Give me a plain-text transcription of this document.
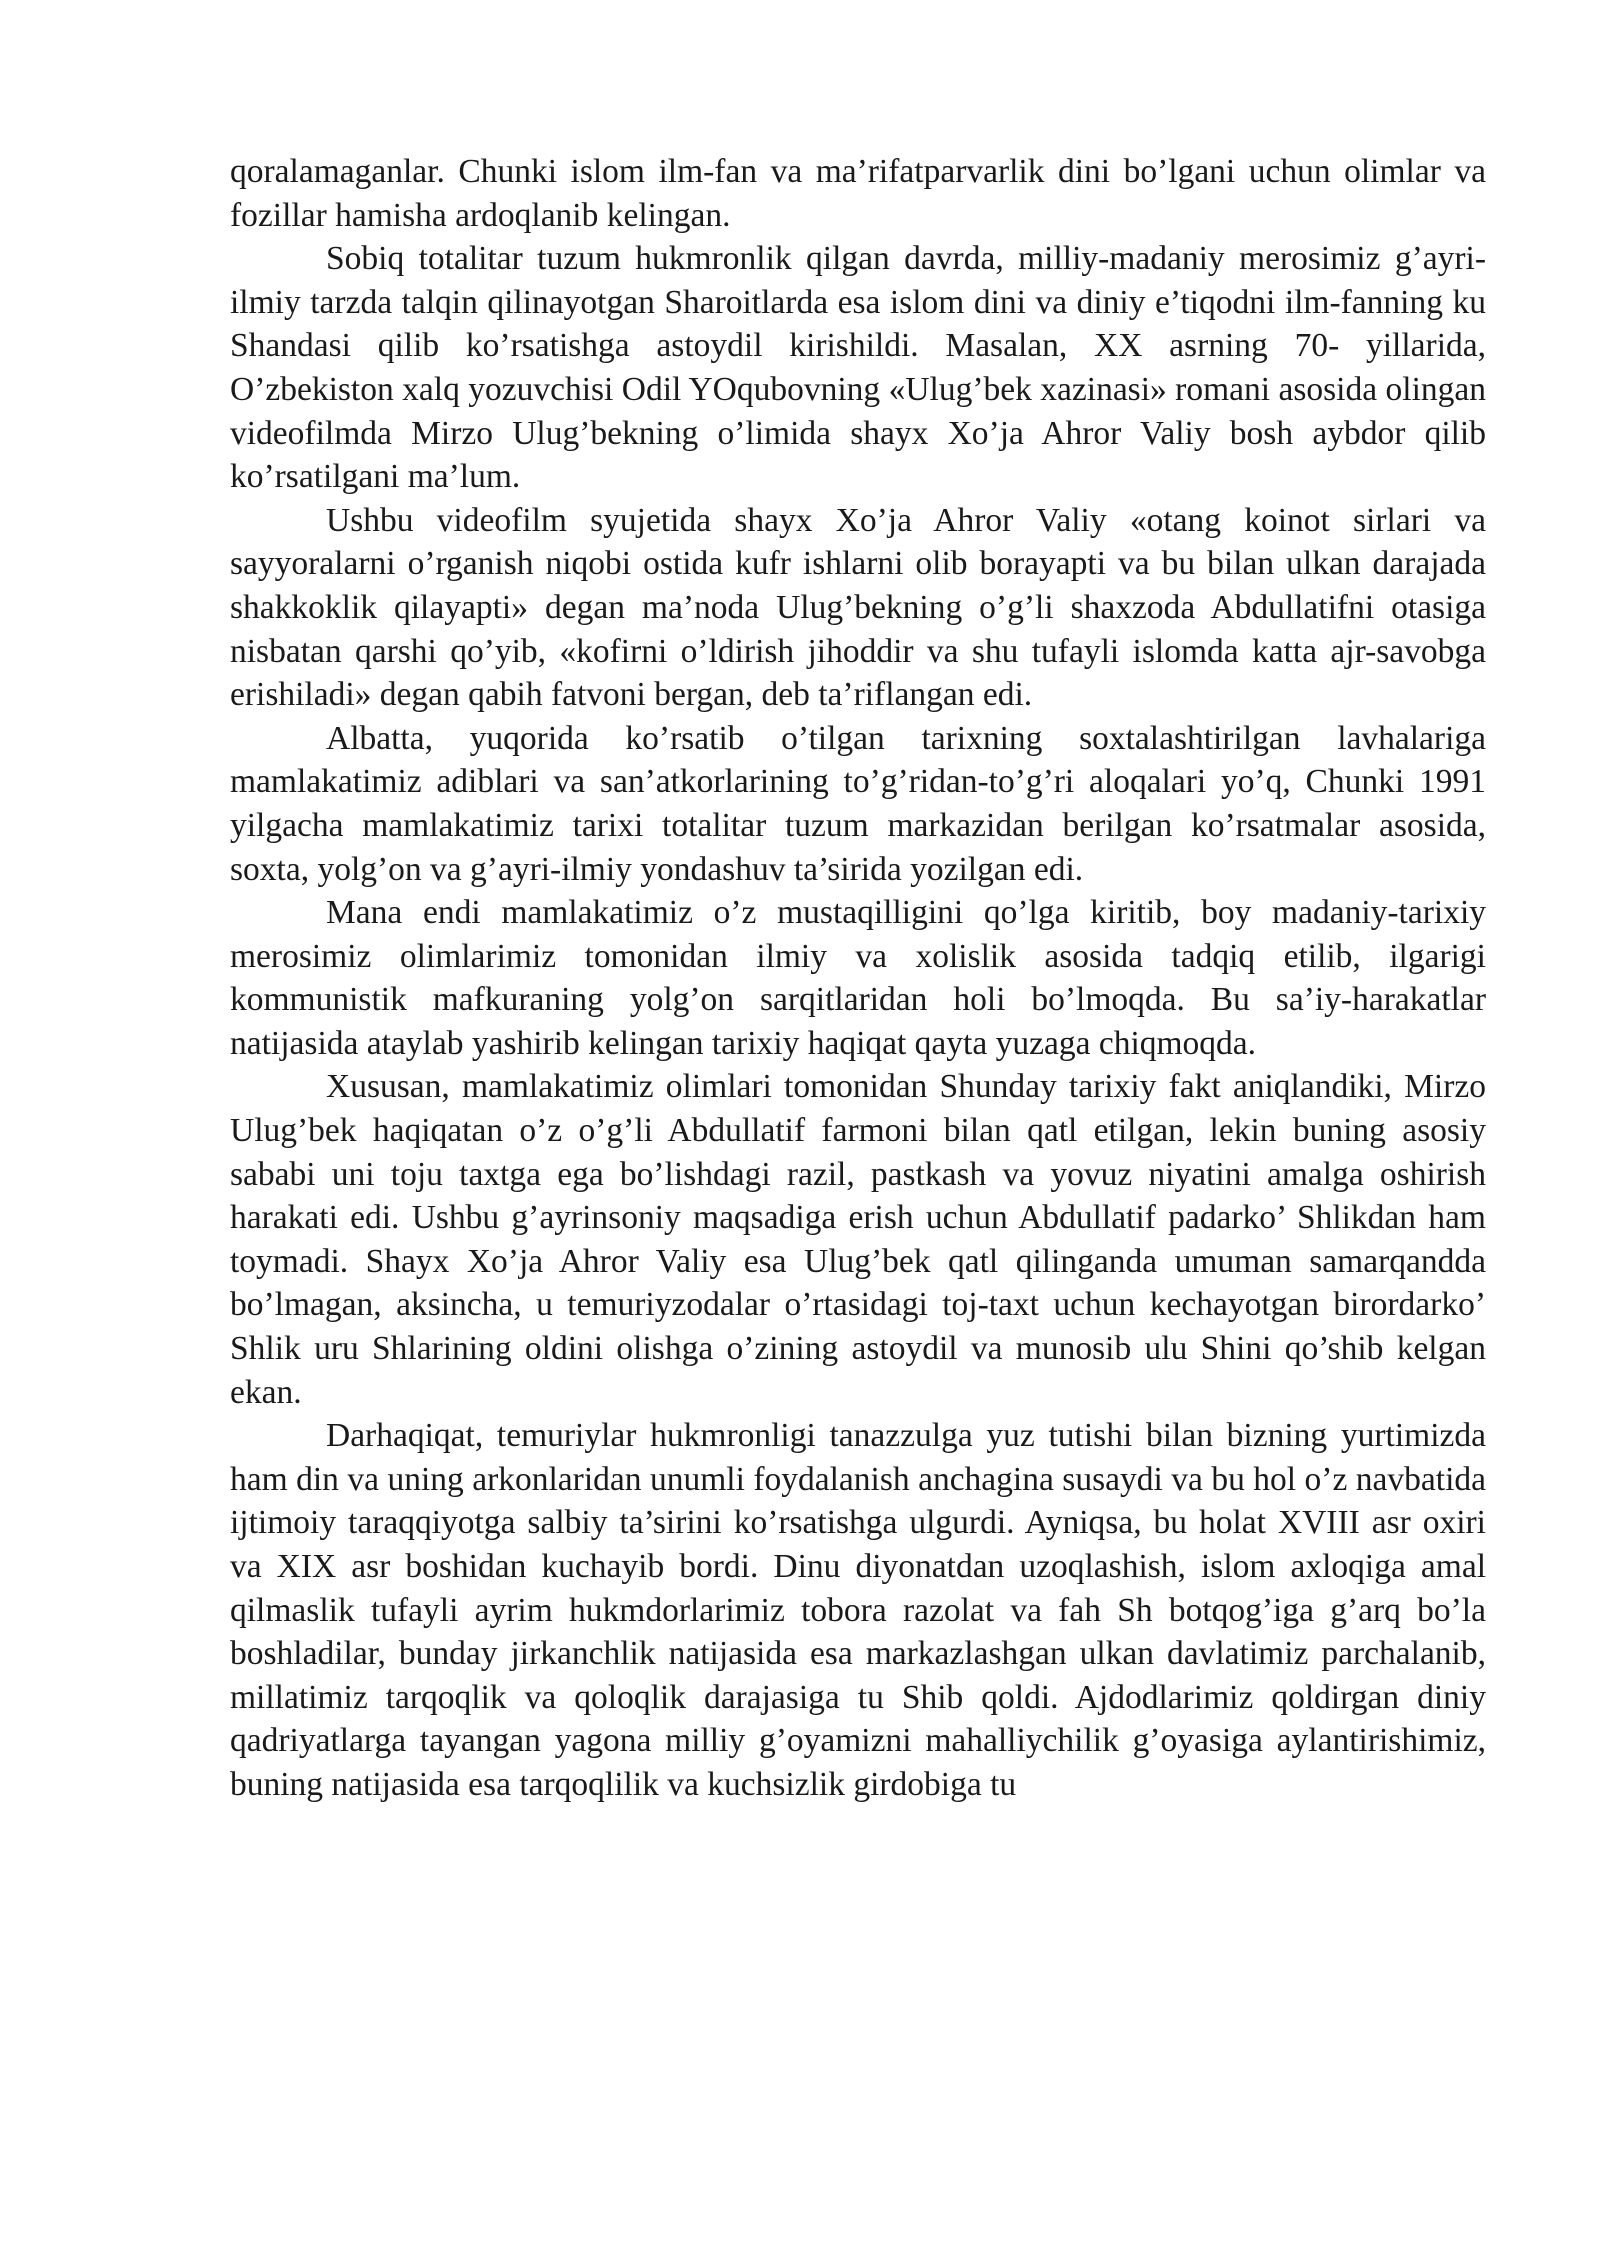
qoralamaganlar. Chunki islom ilm-fan va ma’rifatparvarlik dini bo’lgani uchun olimlar va fozillar hamisha ardoqlanib kelingan.

Sobiq totalitar tuzum hukmronlik qilgan davrda, milliy-madaniy merosimiz g’ayri-ilmiy tarzda talqin qilinayotgan Sharoitlarda esa islom dini va diniy e’tiqodni ilm-fanning ku Shandasi qilib ko’rsatishga astoydil kirishildi. Masalan, XX asrning 70- yillarida, O’zbekiston xalq yozuvchisi Odil YOqubovning «Ulug’bek xazinasi» romani asosida olingan videofilmda Mirzo Ulug’bekning o’limida shayx Xo’ja Ahror Valiy bosh aybdor qilib ko’rsatilgani ma’lum.

Ushbu videofilm syujetida shayx Xo’ja Ahror Valiy «otang koinot sirlari va sayyoralarni o’rganish niqobi ostida kufr ishlarni olib borayapti va bu bilan ulkan darajada shakkoklik qilayapti» degan ma’noda Ulug’bekning o’g’li shaxzoda Abdullatifni otasiga nisbatan qarshi qo’yib, «kofirni o’ldirish jihoddir va shu tufayli islomda katta ajr-savobga erishiladi» degan qabih fatvoni bergan, deb ta’riflangan edi.

Albatta, yuqorida ko’rsatib o’tilgan tarixning soxtalashtirilgan lavhalariga mamlakatimiz adiblari va san’atkorlarining to’g’ridan-to’g’ri aloqalari yo’q, Chunki 1991 yilgacha mamlakatimiz tarixi totalitar tuzum markazidan berilgan ko’rsatmalar asosida, soxta, yolg’on va g’ayri-ilmiy yondashuv ta’sirida yozilgan edi.

Mana endi mamlakatimiz o’z mustaqilligini qo’lga kiritib, boy madaniy-tarixiy merosimiz olimlarimiz tomonidan ilmiy va xolislik asosida tadqiq etilib, ilgarigi kommunistik mafkuraning yolg’on sarqitlaridan holi bo’lmoqda. Bu sa’iy-harakatlar natijasida ataylab yashirib kelingan tarixiy haqiqat qayta yuzaga chiqmoqda.

Xususan, mamlakatimiz olimlari tomonidan Shunday tarixiy fakt aniqlandiki, Mirzo Ulug’bek haqiqatan o’z o’g’li Abdullatif farmoni bilan qatl etilgan, lekin buning asosiy sababi uni toju taxtga ega bo’lishdagi razil, pastkash va yovuz niyatini amalga oshirish harakati edi. Ushbu g’ayrinsoniy maqsadiga erish uchun Abdullatif padarko’ Shlikdan ham toymadi. Shayx Xo’ja Ahror Valiy esa Ulug’bek qatl qilinganda umuman samarqandda bo’lmagan, aksincha, u temuriyzodalar o’rtasidagi toj-taxt uchun kechayotgan birordarko’ Shlik uru Shlarining oldini olishga o’zining astoydil va munosib ulu Shini qo’shib kelgan ekan.

Darhaqiqat, temuriylar hukmronligi tanazzulga yuz tutishi bilan bizning yurtimizda ham din va uning arkonlaridan unumli foydalanish anchagina susaydi va bu hol o’z navbatida ijtimoiy taraqqiyotga salbiy ta’sirini ko’rsatishga ulgurdi. Ayniqsa, bu holat XVIII asr oxiri va XIX asr boshidan kuchayib bordi. Dinu diyonatdan uzoqlashish, islom axloqiga amal qilmaslik tufayli ayrim hukmdorlarimiz tobora razolat va fah Sh botqog’iga g’arq bo’la boshladilar, bunday jirkanchlik natijasida esa markazlashgan ulkan davlatimiz parchalanib, millatimiz tarqoqlik va qoloqlik darajasiga tu Shib qoldi. Ajdodlarimiz qoldirgan diniy qadriyatlarga tayangan yagona milliy g’oyamizni mahalliychilik g’oyasiga aylantirishimiz, buning natijasida esa tarqoqlilik va kuchsizlik girdobiga tu
